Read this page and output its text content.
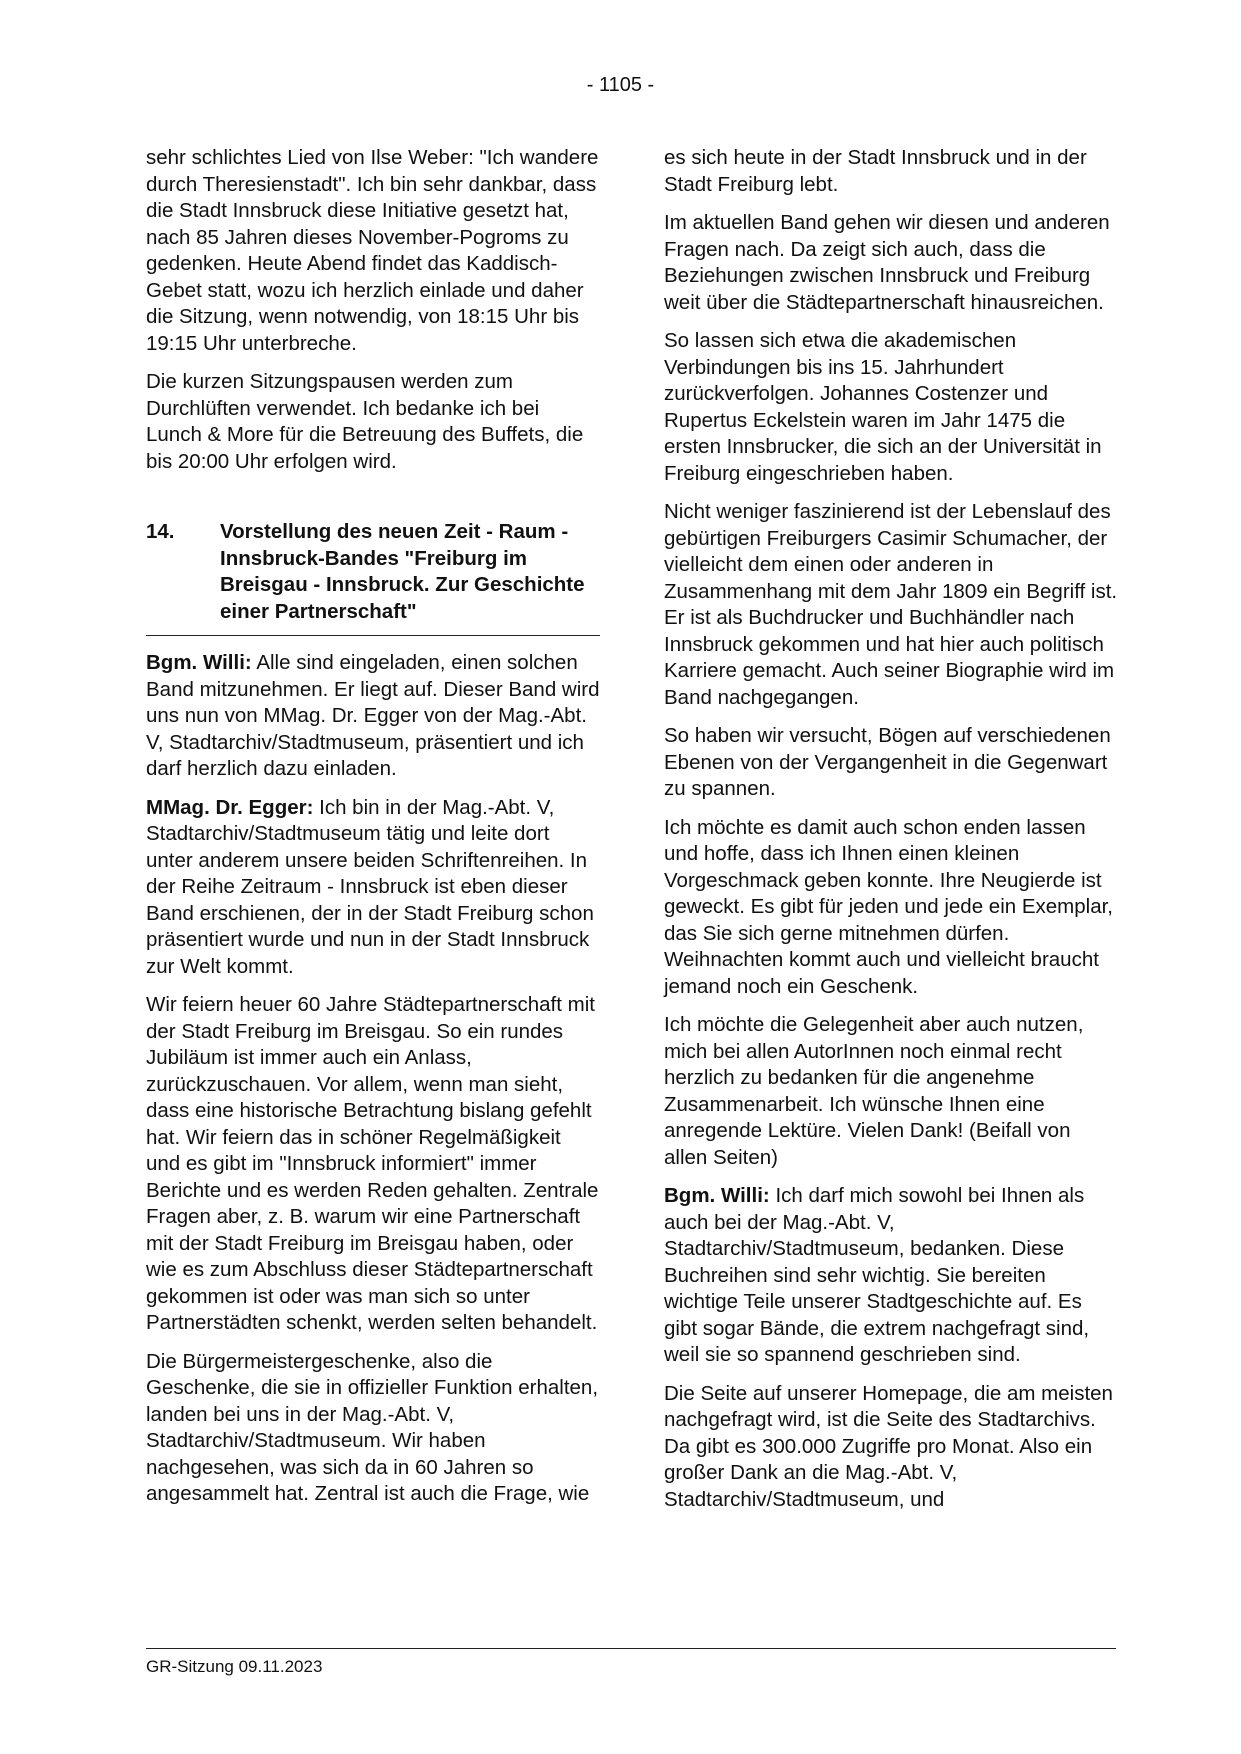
- 1105 -

sehr schlichtes Lied von Ilse Weber: "Ich wandere durch Theresienstadt". Ich bin sehr dankbar, dass die Stadt Innsbruck diese Initiative gesetzt hat, nach 85 Jahren dieses November-Pogroms zu gedenken. Heute Abend findet das Kaddisch-Gebet statt, wozu ich herzlich einlade und daher die Sitzung, wenn notwendig, von 18:15 Uhr bis 19:15 Uhr unterbreche.

Die kurzen Sitzungspausen werden zum Durchlüften verwendet. Ich bedanke ich bei Lunch & More für die Betreuung des Buffets, die bis 20:00 Uhr erfolgen wird.

14.	Vorstellung des neuen Zeit - Raum - Innsbruck-Bandes "Freiburg im Breisgau - Innsbruck. Zur Geschichte einer Partnerschaft"

Bgm. Willi: Alle sind eingeladen, einen solchen Band mitzunehmen. Er liegt auf. Dieser Band wird uns nun von MMag. Dr. Egger von der Mag.-Abt. V, Stadtarchiv/Stadtmuseum, präsentiert und ich darf herzlich dazu einladen.

MMag. Dr. Egger: Ich bin in der Mag.-Abt. V, Stadtarchiv/Stadtmuseum tätig und leite dort unter anderem unsere beiden Schriftenreihen. In der Reihe Zeitraum - Innsbruck ist eben dieser Band erschienen, der in der Stadt Freiburg schon präsentiert wurde und nun in der Stadt Innsbruck zur Welt kommt.

Wir feiern heuer 60 Jahre Städtepartnerschaft mit der Stadt Freiburg im Breisgau. So ein rundes Jubiläum ist immer auch ein Anlass, zurückzuschauen. Vor allem, wenn man sieht, dass eine historische Betrachtung bislang gefehlt hat. Wir feiern das in schöner Regelmäßigkeit und es gibt im "Innsbruck informiert" immer Berichte und es werden Reden gehalten. Zentrale Fragen aber, z. B. warum wir eine Partnerschaft mit der Stadt Freiburg im Breisgau haben, oder wie es zum Abschluss dieser Städtepartnerschaft gekommen ist oder was man sich so unter Partnerstädten schenkt, werden selten behandelt.

Die Bürgermeistergeschenke, also die Geschenke, die sie in offizieller Funktion erhalten, landen bei uns in der Mag.-Abt. V, Stadtarchiv/Stadtmuseum. Wir haben nachgesehen, was sich da in 60 Jahren so angesammelt hat. Zentral ist auch die Frage, wie

es sich heute in der Stadt Innsbruck und in der Stadt Freiburg lebt.

Im aktuellen Band gehen wir diesen und anderen Fragen nach. Da zeigt sich auch, dass die Beziehungen zwischen Innsbruck und Freiburg weit über die Städtepartnerschaft hinausreichen.

So lassen sich etwa die akademischen Verbindungen bis ins 15. Jahrhundert zurückverfolgen. Johannes Costenzer und Rupertus Eckelstein waren im Jahr 1475 die ersten Innsbrucker, die sich an der Universität in Freiburg eingeschrieben haben.

Nicht weniger faszinierend ist der Lebenslauf des gebürtigen Freiburgers Casimir Schumacher, der vielleicht dem einen oder anderen in Zusammenhang mit dem Jahr 1809 ein Begriff ist. Er ist als Buchdrucker und Buchhändler nach Innsbruck gekommen und hat hier auch politisch Karriere gemacht. Auch seiner Biographie wird im Band nachgegangen.

So haben wir versucht, Bögen auf verschiedenen Ebenen von der Vergangenheit in die Gegenwart zu spannen.

Ich möchte es damit auch schon enden lassen und hoffe, dass ich Ihnen einen kleinen Vorgeschmack geben konnte. Ihre Neugierde ist geweckt. Es gibt für jeden und jede ein Exemplar, das Sie sich gerne mitnehmen dürfen. Weihnachten kommt auch und vielleicht braucht jemand noch ein Geschenk.

Ich möchte die Gelegenheit aber auch nutzen, mich bei allen AutorInnen noch einmal recht herzlich zu bedanken für die angenehme Zusammenarbeit. Ich wünsche Ihnen eine anregende Lektüre. Vielen Dank! (Beifall von allen Seiten)

Bgm. Willi: Ich darf mich sowohl bei Ihnen als auch bei der Mag.-Abt. V, Stadtarchiv/Stadtmuseum, bedanken. Diese Buchreihen sind sehr wichtig. Sie bereiten wichtige Teile unserer Stadtgeschichte auf. Es gibt sogar Bände, die extrem nachgefragt sind, weil sie so spannend geschrieben sind.

Die Seite auf unserer Homepage, die am meisten nachgefragt wird, ist die Seite des Stadtarchivs. Da gibt es 300.000 Zugriffe pro Monat. Also ein großer Dank an die Mag.-Abt. V, Stadtarchiv/Stadtmuseum, und

GR-Sitzung 09.11.2023
